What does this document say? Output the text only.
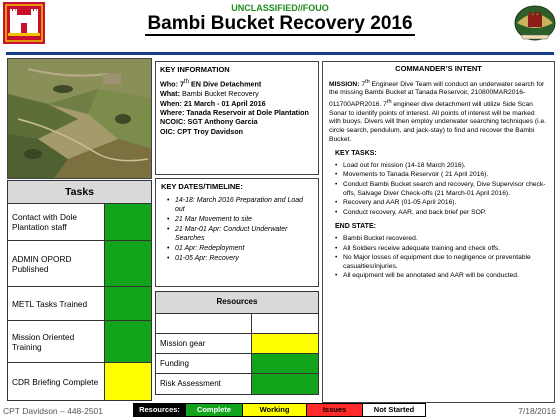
UNCLASSIFIED//FOUO
Bambi Bucket Recovery 2016
KEY INFORMATION
Who: 7th EN Dive Detachment
What: Bambi Bucket Recovery
When: 21 March - 01 April 2016
Where: Tanada Reservoir at Dole Plantation
NCOIC: SGT Anthony Garcia
OIC: CPT Troy Davidson
COMMANDER’S INTENT
MISSION: 7th Engineer Dive Team will conduct an underwater search for the missing Bambi Bucket at Tanada Reservoir, 210800MAR2016-011700APR2016. 7th engineer dive detachment will utilize Side Scan Sonar to identify points of interest. All points of interest will be marked with buoys. Divers will then employ underwater searching techniques (i.e. circle search, pendulum, and jack-stay) to find and recover the Bambi Bucket.
KEY TASKS:
• Load out for mission (14-18 March 2016).
• Movements to Tanada Reservoir ( 21 April 2016).
• Conduct Bambi Bucket search and recovery, Dive Supervisor check-offs, Salvage Diver Check-offs (21 March-01 April 2016).
• Recovery and AAR (01-05 April 2016).
• Conduct recovery, AAR, and back brief per SOP.
END STATE:
• Bambi Bucket recovered.
• All Soldiers receive adequate training and check offs.
• No Major losses of equipment due to negligence or preventable casualties/injuries.
• All equipment will be annotated and AAR will be conducted.
KEY DATES/TIMELINE:
• 14-18: March 2016 Preparation and Load out
• 21 Mar Movement to site
• 21 Mar-01 Apr: Conduct Underwater Searches
• 01 Apr: Redeployment
• 01-05 Apr: Recovery
Tasks
Contact with Dole Plantation staff
ADMIN OPORD Published
METL Tasks Trained
Mission Oriented Training
CDR Briefing Complete
Resources
Mission gear
Funding
Risk Assessment
CPT Davidson – 448-2501	Resources:	Complete	Working	Issues	Not Started	7/18/2016
